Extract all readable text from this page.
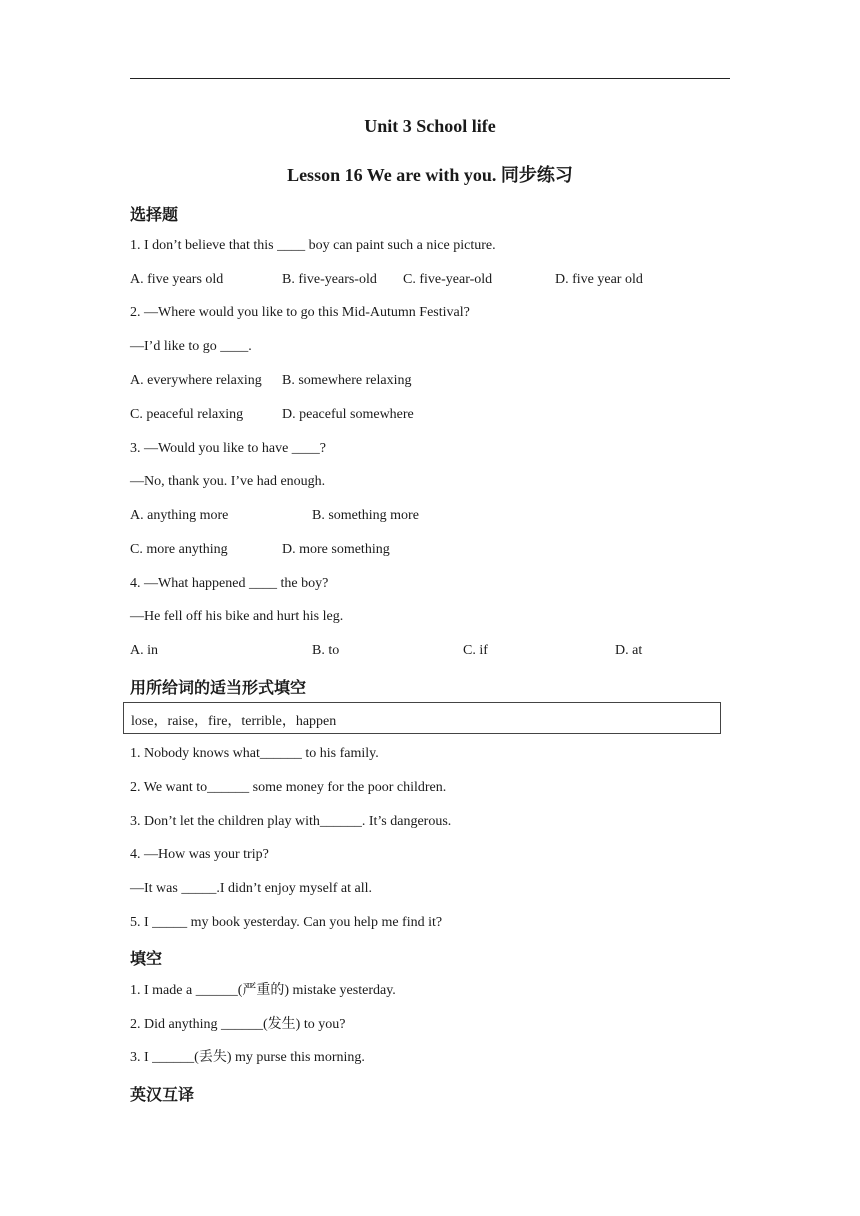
Unit 3 School life
Lesson 16 We are with you. 同步练习
选择题
1. I don’t believe that this ____ boy can paint such a nice picture.
A. five years old	B. five-years-old C. five-year-old	D. five year old
2. —Where would you like to go this Mid-Autumn Festival?
—I’d like to go ____.
A. everywhere relaxing B. somewhere relaxing
C. peaceful relaxing	D. peaceful somewhere
3. —Would you like to have ____?
—No, thank you. I’ve had enough.
A. anything more	B. something more
C. more anything	D. more something
4. —What happened ____ the boy?
—He fell off his bike and hurt his leg.
A. in	B. to	C. if	D. at
用所给词的适当形式填空
lose，raise，fire，terrible，happen
1. Nobody knows what______ to his family.
2. We want to______ some money for the poor children.
3. Don’t let the children play with______. It’s dangerous.
4. —How was your trip?
—It was _____.I didn’t enjoy myself at all.
5. I _____ my book yesterday. Can you help me find it?
填空
1. I made a ______(严重的) mistake yesterday.
2. Did anything ______(发生) to you?
3. I ______(丢失) my purse this morning.
英汉互译
